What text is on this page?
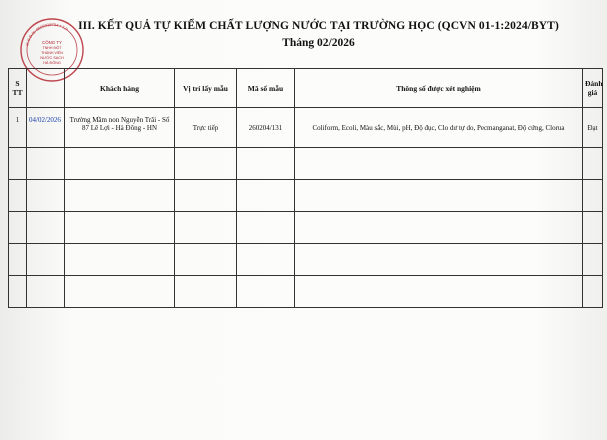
M.S.D.N: 0500218734 * T.P
CÔNG TY
TNHH MỘT
THÀNH VIÊN
NƯỚC SẠCH
HÀ ĐÔNG
III. KẾT QUẢ TỰ KIỂM CHẤT LƯỢNG NƯỚC TẠI TRƯỜNG HỌC (QCVN 01-1:2024/BYT)
Tháng 02/2026
S TT		Khách hàng	Vị trí lấy mẫu	Mã số mẫu	Thông số được xét nghiệm	Đánh giá
1	04/02/2026	Trường Mầm non Nguyễn Trãi - Số 87 Lê Lợi - Hà Đông - HN	Trực tiếp	260204/131	Coliform, Ecoli, Màu sắc, Mùi, pH, Độ đục, Clo dư tự do, Pecmanganat, Độ cứng, Clorua	Đạt
